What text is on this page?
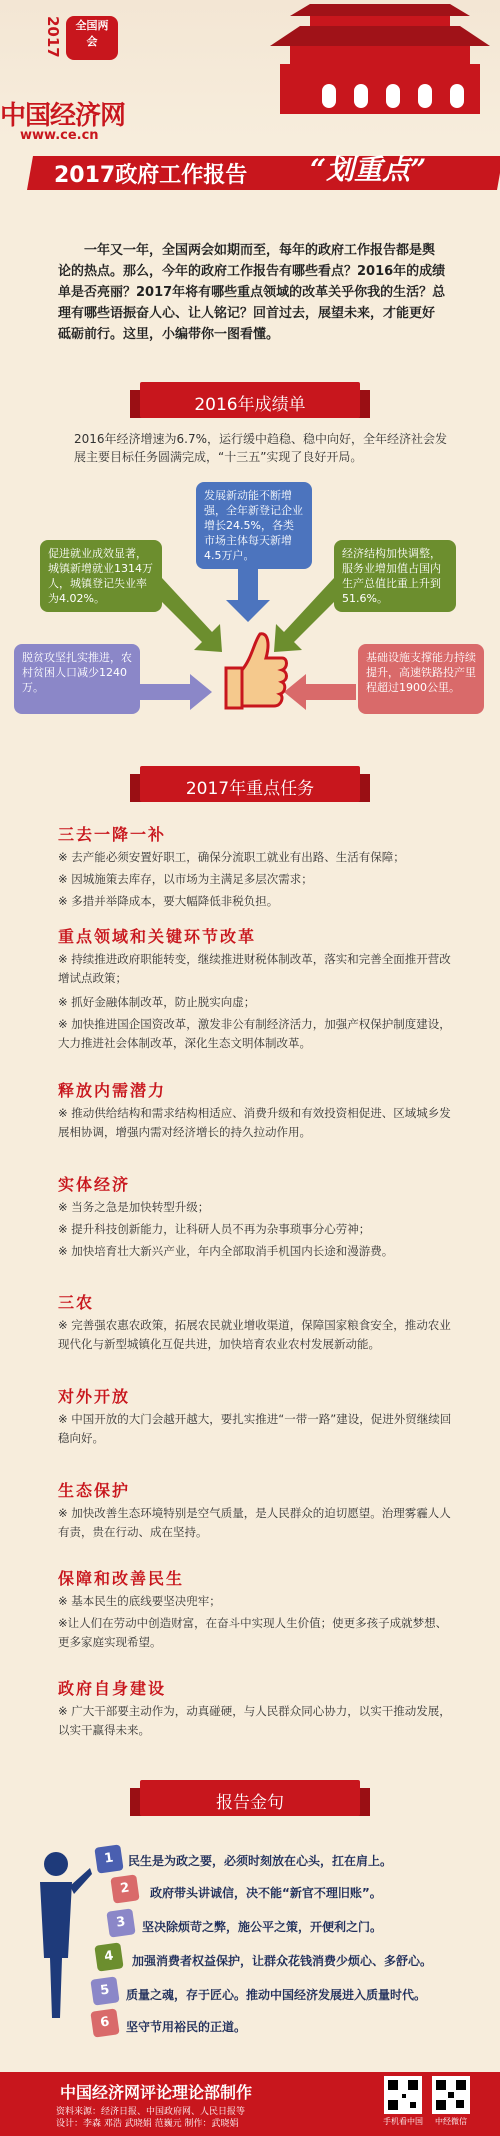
2017	全国两会
中国经济网
www.ce.cn
2017政府工作报告 “划重点”
一年又一年，全国两会如期而至，每年的政府工作报告都是舆论的热点。那么，今年的政府工作报告有哪些看点？2016年的成绩单是否亮丽？2017年将有哪些重点领域的改革关乎你我的生活？总理有哪些语振奋人心、让人铭记？回首过去，展望未来，才能更好砥砺前行。这里，小编带你一图看懂。
2016年成绩单
2016年经济增速为6.7%，运行缓中趋稳、稳中向好，全年经济社会发展主要目标任务圆满完成，“十三五”实现了良好开局。
发展新动能不断增强，全年新登记企业增长24.5%，各类市场主体每天新增4.5万户。
促进就业成效显著，城镇新增就业1314万人，城镇登记失业率为4.02%。
经济结构加快调整，服务业增加值占国内生产总值比重上升到51.6%。
脱贫攻坚扎实推进，农村贫困人口减少1240万。
基础设施支撑能力持续提升，高速铁路投产里程超过1900公里。
2017年重点任务
三去一降一补
※ 去产能必须安置好职工，确保分流职工就业有出路、生活有保障；
※ 因城施策去库存，以市场为主满足多层次需求；
※ 多措并举降成本，要大幅降低非税负担。
重点领域和关键环节改革
※ 持续推进政府职能转变，继续推进财税体制改革，落实和完善全面推开营改增试点政策；
※ 抓好金融体制改革，防止脱实向虚；
※ 加快推进国企国资改革，激发非公有制经济活力，加强产权保护制度建设，大力推进社会体制改革，深化生态文明体制改革。
释放内需潜力
※ 推动供给结构和需求结构相适应、消费升级和有效投资相促进、区域城乡发展相协调，增强内需对经济增长的持久拉动作用。
实体经济
※ 当务之急是加快转型升级；
※ 提升科技创新能力，让科研人员不再为杂事琐事分心劳神；
※ 加快培育壮大新兴产业，年内全部取消手机国内长途和漫游费。
三农
※ 完善强农惠农政策，拓展农民就业增收渠道，保障国家粮食安全，推动农业现代化与新型城镇化互促共进，加快培育农业农村发展新动能。
对外开放
※ 中国开放的大门会越开越大，要扎实推进“一带一路”建设，促进外贸继续回稳向好。
生态保护
※ 加快改善生态环境特别是空气质量，是人民群众的迫切愿望。治理雾霾人人有责，贵在行动、成在坚持。
保障和改善民生
※ 基本民生的底线要坚决兜牢；
※让人们在劳动中创造财富，在奋斗中实现人生价值；使更多孩子成就梦想、更多家庭实现希望。
政府自身建设
※ 广大干部要主动作为，动真碰硬，与人民群众同心协力，以实干推动发展，以实干赢得未来。
报告金句
1	民生是为政之要，必须时刻放在心头，扛在肩上。
2	政府带头讲诚信，决不能“新官不理旧账”。
3	坚决除烦苛之弊，施公平之策，开便利之门。
4	加强消费者权益保护，让群众花钱消费少烦心、多舒心。
5	质量之魂，存于匠心。推动中国经济发展进入质量时代。
6	坚守节用裕民的正道。
中国经济网评论理论部制作
资料来源：经济日报、中国政府网、人民日报等
设计：李森 邓浩 武晓娟 范巍元 制作：武晓娟	手机看中国	中经微信
